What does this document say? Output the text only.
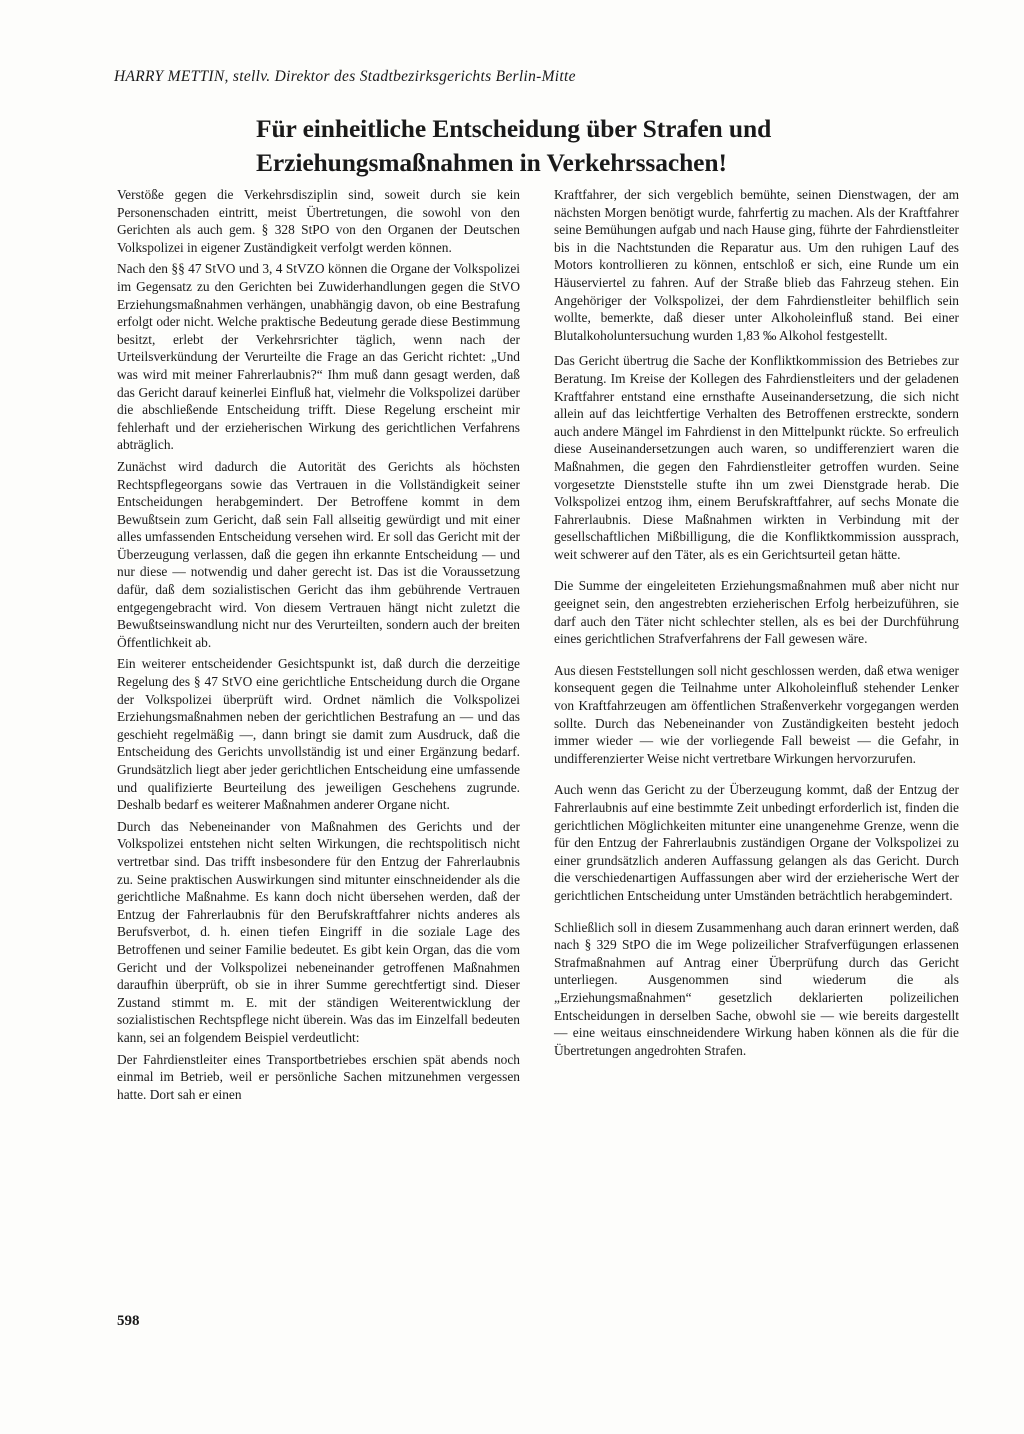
HARRY METTIN, stellv. Direktor des Stadtbezirksgerichts Berlin-Mitte
Für einheitliche Entscheidung über Strafen und
Erziehungsmaßnahmen in Verkehrssachen!

Verstöße gegen die Verkehrsdisziplin sind, soweit durch sie kein Personenschaden eintritt, meist Übertretungen, die sowohl von den Gerichten als auch gem. § 328 StPO von den Organen der Deutschen Volkspolizei in eigener Zuständigkeit verfolgt werden können.

Nach den §§ 47 StVO und 3, 4 StVZO können die Organe der Volkspolizei im Gegensatz zu den Gerichten bei Zuwiderhandlungen gegen die StVO Erziehungsmaßnahmen verhängen, unabhängig davon, ob eine Bestrafung erfolgt oder nicht. Welche praktische Bedeutung gerade diese Bestimmung besitzt, erlebt der Verkehrsrichter täglich, wenn nach der Urteilsverkündung der Verurteilte die Frage an das Gericht richtet: „Und was wird mit meiner Fahrerlaubnis?“ Ihm muß dann gesagt werden, daß das Gericht darauf keinerlei Einfluß hat, vielmehr die Volkspolizei darüber die abschließende Entscheidung trifft. Diese Regelung erscheint mir fehlerhaft und der erzieherischen Wirkung des gerichtlichen Verfahrens abträglich.

Zunächst wird dadurch die Autorität des Gerichts als höchsten Rechtspflegeorgans sowie das Vertrauen in die Vollständigkeit seiner Entscheidungen herabgemindert. Der Betroffene kommt in dem Bewußtsein zum Gericht, daß sein Fall allseitig gewürdigt und mit einer alles umfassenden Entscheidung versehen wird. Er soll das Gericht mit der Überzeugung verlassen, daß die gegen ihn erkannte Entscheidung — und nur diese — notwendig und daher gerecht ist. Das ist die Voraussetzung dafür, daß dem sozialistischen Gericht das ihm gebührende Vertrauen entgegengebracht wird. Von diesem Vertrauen hängt nicht zuletzt die Bewußtseinswandlung nicht nur des Verurteilten, sondern auch der breiten Öffentlichkeit ab.

Ein weiterer entscheidender Gesichtspunkt ist, daß durch die derzeitige Regelung des § 47 StVO eine gerichtliche Entscheidung durch die Organe der Volkspolizei überprüft wird. Ordnet nämlich die Volkspolizei Erziehungsmaßnahmen neben der gerichtlichen Bestrafung an — und das geschieht regelmäßig —, dann bringt sie damit zum Ausdruck, daß die Entscheidung des Gerichts unvollständig ist und einer Ergänzung bedarf. Grundsätzlich liegt aber jeder gerichtlichen Entscheidung eine umfassende und qualifizierte Beurteilung des jeweiligen Geschehens zugrunde. Deshalb bedarf es weiterer Maßnahmen anderer Organe nicht.

Durch das Nebeneinander von Maßnahmen des Gerichts und der Volkspolizei entstehen nicht selten Wirkungen, die rechtspolitisch nicht vertretbar sind. Das trifft insbesondere für den Entzug der Fahrerlaubnis zu. Seine praktischen Auswirkungen sind mitunter einschneidender als die gerichtliche Maßnahme. Es kann doch nicht übersehen werden, daß der Entzug der Fahrerlaubnis für den Berufskraftfahrer nichts anderes als Berufsverbot, d. h. einen tiefen Eingriff in die soziale Lage des Betroffenen und seiner Familie bedeutet. Es gibt kein Organ, das die vom Gericht und der Volkspolizei nebeneinander getroffenen Maßnahmen daraufhin überprüft, ob sie in ihrer Summe gerechtfertigt sind. Dieser Zustand stimmt m. E. mit der ständigen Weiterentwicklung der sozialistischen Rechtspflege nicht überein. Was das im Einzelfall bedeuten kann, sei an folgendem Beispiel verdeutlicht:

Der Fahrdienstleiter eines Transportbetriebes erschien spät abends noch einmal im Betrieb, weil er persönliche Sachen mitzunehmen vergessen hatte. Dort sah er einen

Kraftfahrer, der sich vergeblich bemühte, seinen Dienstwagen, der am nächsten Morgen benötigt wurde, fahrfertig zu machen. Als der Kraftfahrer seine Bemühungen aufgab und nach Hause ging, führte der Fahrdienstleiter bis in die Nachtstunden die Reparatur aus. Um den ruhigen Lauf des Motors kontrollieren zu können, entschloß er sich, eine Runde um ein Häuserviertel zu fahren. Auf der Straße blieb das Fahrzeug stehen. Ein Angehöriger der Volkspolizei, der dem Fahrdienstleiter behilflich sein wollte, bemerkte, daß dieser unter Alkoholeinfluß stand. Bei einer Blutalkoholuntersuchung wurden 1,83 ‰ Alkohol festgestellt.

Das Gericht übertrug die Sache der Konfliktkommission des Betriebes zur Beratung. Im Kreise der Kollegen des Fahrdienstleiters und der geladenen Kraftfahrer entstand eine ernsthafte Auseinandersetzung, die sich nicht allein auf das leichtfertige Verhalten des Betroffenen erstreckte, sondern auch andere Mängel im Fahrdienst in den Mittelpunkt rückte. So erfreulich diese Auseinandersetzungen auch waren, so undifferenziert waren die Maßnahmen, die gegen den Fahrdienstleiter getroffen wurden. Seine vorgesetzte Dienststelle stufte ihn um zwei Dienstgrade herab. Die Volkspolizei entzog ihm, einem Berufskraftfahrer, auf sechs Monate die Fahrerlaubnis. Diese Maßnahmen wirkten in Verbindung mit der gesellschaftlichen Mißbilligung, die die Konfliktkommission aussprach, weit schwerer auf den Täter, als es ein Gerichtsurteil getan hätte.

Die Summe der eingeleiteten Erziehungsmaßnahmen muß aber nicht nur geeignet sein, den angestrebten erzieherischen Erfolg herbeizuführen, sie darf auch den Täter nicht schlechter stellen, als es bei der Durchführung eines gerichtlichen Strafverfahrens der Fall gewesen wäre.

Aus diesen Feststellungen soll nicht geschlossen werden, daß etwa weniger konsequent gegen die Teilnahme unter Alkoholeinfluß stehender Lenker von Kraftfahrzeugen am öffentlichen Straßenverkehr vorgegangen werden sollte. Durch das Nebeneinander von Zuständigkeiten besteht jedoch immer wieder — wie der vorliegende Fall beweist — die Gefahr, in undifferenzierter Weise nicht vertretbare Wirkungen hervorzurufen.

Auch wenn das Gericht zu der Überzeugung kommt, daß der Entzug der Fahrerlaubnis auf eine bestimmte Zeit unbedingt erforderlich ist, finden die gerichtlichen Möglichkeiten mitunter eine unangenehme Grenze, wenn die für den Entzug der Fahrerlaubnis zuständigen Organe der Volkspolizei zu einer grundsätzlich anderen Auffassung gelangen als das Gericht. Durch die verschiedenartigen Auffassungen aber wird der erzieherische Wert der gerichtlichen Entscheidung unter Umständen beträchtlich herabgemindert.

Schließlich soll in diesem Zusammenhang auch daran erinnert werden, daß nach § 329 StPO die im Wege polizeilicher Strafverfügungen erlassenen Strafmaßnahmen auf Antrag einer Überprüfung durch das Gericht unterliegen. Ausgenommen sind wiederum die als „Erziehungsmaßnahmen“ gesetzlich deklarierten polizeilichen Entscheidungen in derselben Sache, obwohl sie — wie bereits dargestellt — eine weitaus einschneidendere Wirkung haben können als die für die Übertretungen angedrohten Strafen.

598
